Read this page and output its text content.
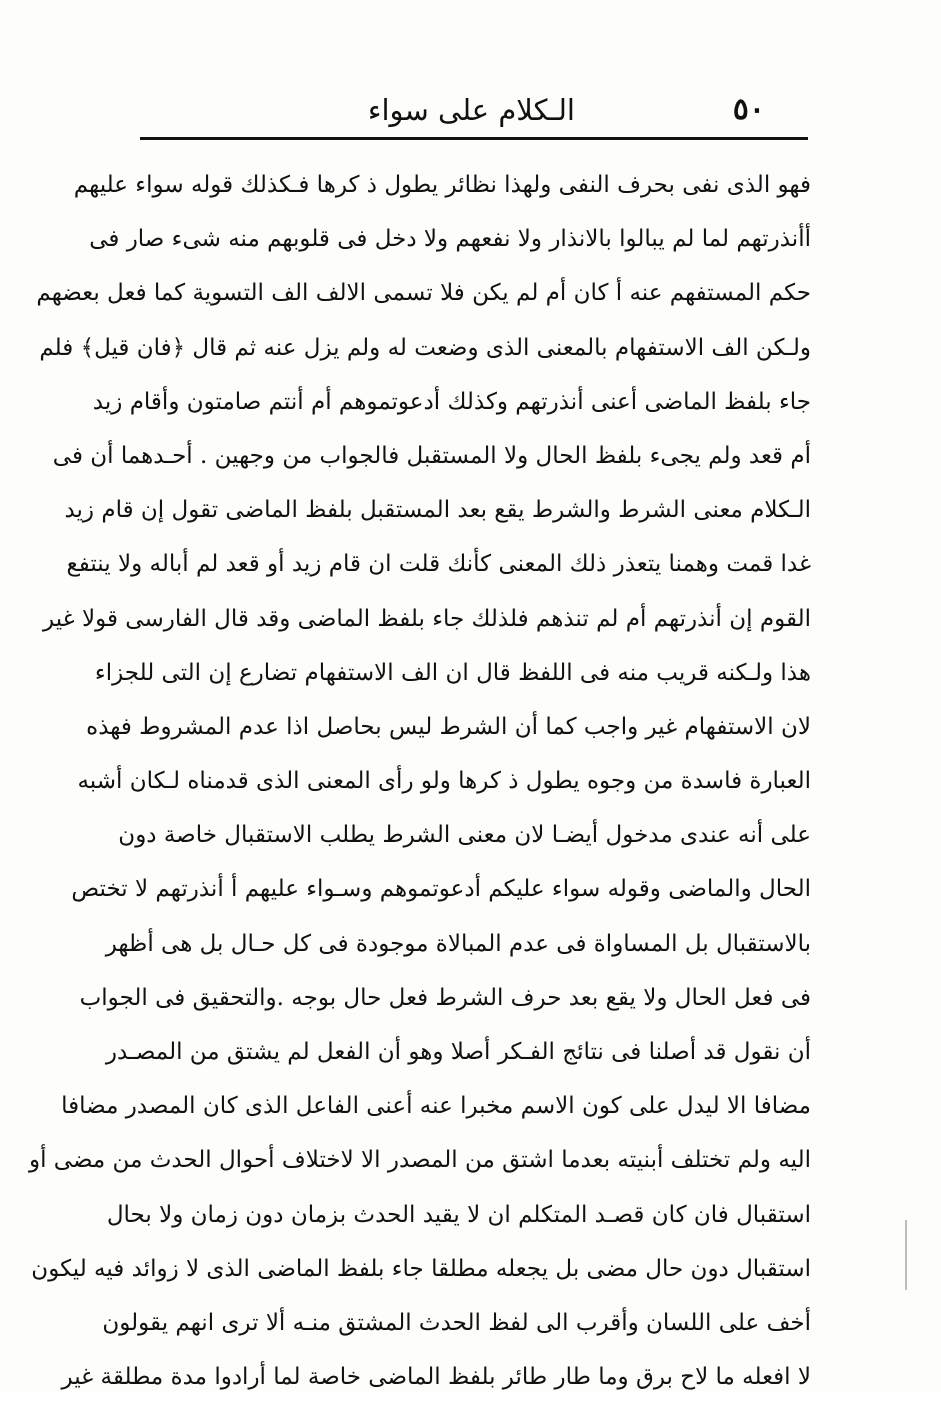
٥٠
الـكلام على سواء
فهو الذى نفى بحرف النفى ولهذا نظائر يطول ذ كرها فـكذلك قوله سواء عليهم
أأنذرتهم لما لم يبالوا بالانذار ولا نفعهم ولا دخل فى قلوبهم منه شىء صار فى
حكم المستفهم عنه أ كان أم لم يكن فلا تسمى الالف الف التسوية كما فعل بعضهم
ولـكن الف الاستفهام بالمعنى الذى وضعت له ولم يزل عنه ثم قال ﴿فان قيل﴾ فلم
جاء بلفظ الماضى أعنى أنذرتهم وكذلك أدعوتموهم أم أنتم صامتون وأقام زيد
أم قعد ولم يجىء بلفظ الحال ولا المستقبل فالجواب من وجهين . أحـدهما أن فى
الـكلام معنى الشرط والشرط يقع بعد المستقبل بلفظ الماضى تقول إن قام زيد
غدا قمت وهمنا يتعذر ذلك المعنى كأنك قلت ان قام زيد أو قعد لم أباله ولا ينتفع
القوم إن أنذرتهم أم لم تنذهم فلذلك جاء بلفظ الماضى وقد قال الفارسى قولا غير
هذا ولـكنه قريب منه فى اللفظ قال ان الف الاستفهام تضارع إن التى للجزاء
لان الاستفهام غير واجب كما أن الشرط ليس بحاصل اذا عدم المشروط فهذه
العبارة فاسدة من وجوه يطول ذ كرها ولو رأى المعنى الذى قدمناه لـكان أشبه
على أنه عندى مدخول أيضـا لان معنى الشرط يطلب الاستقبال خاصة دون
الحال والماضى وقوله سواء عليكم أدعوتموهم وسـواء عليهم أ أنذرتهم لا تختص
بالاستقبال بل المساواة فى عدم المبالاة موجودة فى كل حـال بل هى أظهر
فى فعل الحال ولا يقع بعد حرف الشرط فعل حال بوجه .والتحقيق فى الجواب
أن نقول قد أصلنا فى نتائج الفـكر أصلا وهو أن الفعل لم يشتق من المصـدر
مضافا الا ليدل على كون الاسم مخبرا عنه أعنى الفاعل الذى كان المصدر مضافا
اليه ولم تختلف أبنيته بعدما اشتق من المصدر الا لاختلاف أحوال الحدث من مضى أو
استقبال فان كان قصـد المتكلم ان لا يقيد الحدث بزمان دون زمان ولا بحال
استقبال دون حال مضى بل يجعله مطلقا جاء بلفظ الماضى الذى لا زوائد فيه ليكون
أخف على اللسان وأقرب الى لفظ الحدث المشتق منـه ألا ترى انهم يقولون
لا افعله ما لاح برق وما طار طائر بلفظ الماضى خاصة لما أرادوا مدة مطلقة غير
